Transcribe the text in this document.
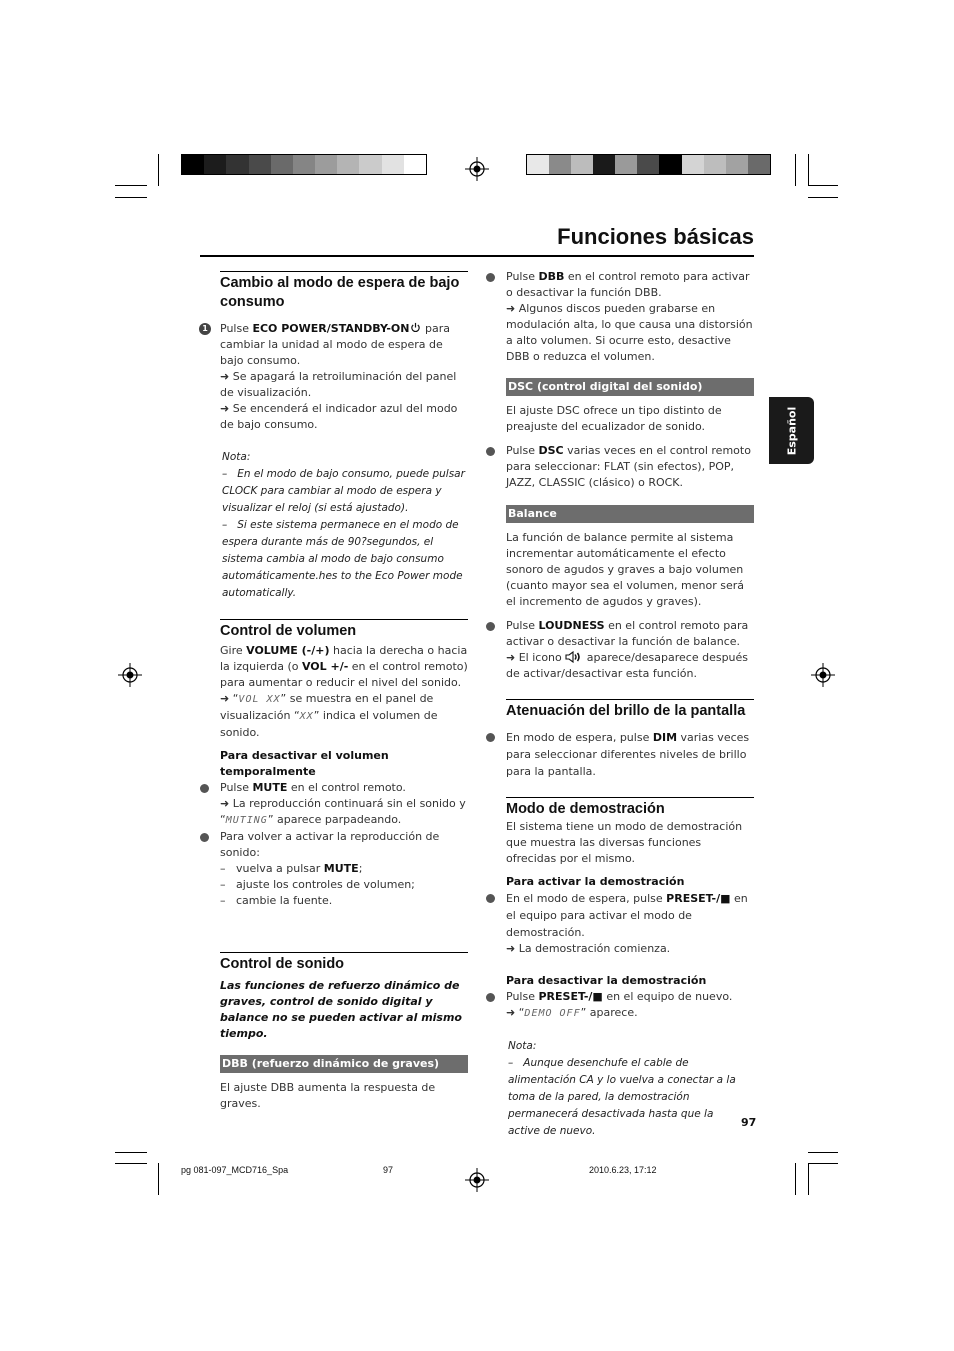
Funciones básicas
Español
Cambio al modo de espera de bajo consumo
1 Pulse ECO POWER/STANDBY-ON para cambiar la unidad al modo de espera de bajo consumo.

➜ Se apagará la retroiluminación del panel de visualización.

➜ Se encenderá el indicador azul del modo de bajo consumo.

Nota:

– En el modo de bajo consumo, puede pulsar CLOCK para cambiar al modo de espera y visualizar el reloj (si está ajustado).

– Si este sistema permanece en el modo de espera durante más de 90?segundos, el sistema cambia al modo de bajo consumo automáticamente.hes to the Eco Power mode automatically.

Control de volumen

Gire VOLUME (-/+) hacia la derecha o hacia la izquierda (o VOL +/- en el control remoto) para aumentar o reducir el nivel del sonido.

➜ “VOL XX” se muestra en el panel de visualización “XX” indica el volumen de sonido.

Para desactivar el volumen temporalmente

Pulse MUTE en el control remoto.

➜ La reproducción continuará sin el sonido y “MUTING” aparece parpadeando.

Para volver a activar la reproducción de sonido:

– vuelva a pulsar MUTE;

– ajuste los controles de volumen;

– cambie la fuente.

Control de sonido

Las funciones de refuerzo dinámico de graves, control de sonido digital y balance no se pueden activar al mismo tiempo.

DBB (refuerzo dinámico de graves)

El ajuste DBB aumenta la respuesta de graves.

Pulse DBB en el control remoto para activar o desactivar la función DBB.

➜ Algunos discos pueden grabarse en modulación alta, lo que causa una distorsión a alto volumen. Si ocurre esto, desactive DBB o reduzca el volumen.

DSC (control digital del sonido)

El ajuste DSC ofrece un tipo distinto de preajuste del ecualizador de sonido.

Pulse DSC varias veces en el control remoto para seleccionar: FLAT (sin efectos), POP, JAZZ, CLASSIC (clásico) o ROCK.

Balance

La función de balance permite al sistema incrementar automáticamente el efecto sonoro de agudos y graves a bajo volumen (cuanto mayor sea el volumen, menor será el incremento de agudos y graves).

Pulse LOUDNESS en el control remoto para activar o desactivar la función de balance.

➜ El icono  aparece/desaparece después de activar/desactivar esta función.

Atenuación del brillo de la pantalla

En modo de espera, pulse DIM varias veces para seleccionar diferentes niveles de brillo para la pantalla.

Modo de demostración

El sistema tiene un modo de demostración que muestra las diversas funciones ofrecidas por el mismo.

Para activar la demostración

En el modo de espera, pulse PRESET-/■ en el equipo para activar el modo de demostración.

➜ La demostración comienza.

Para desactivar la demostración

Pulse PRESET-/■ en el equipo de nuevo.

➜ “DEMO OFF” aparece.

Nota:

– Aunque desenchufe el cable de alimentación CA y lo vuelva a conectar a la toma de la pared, la demostración permanecerá desactivada hasta que la active de nuevo.

97
pg 081-097_MCD716_Spa	97	2010.6.23, 17:12
